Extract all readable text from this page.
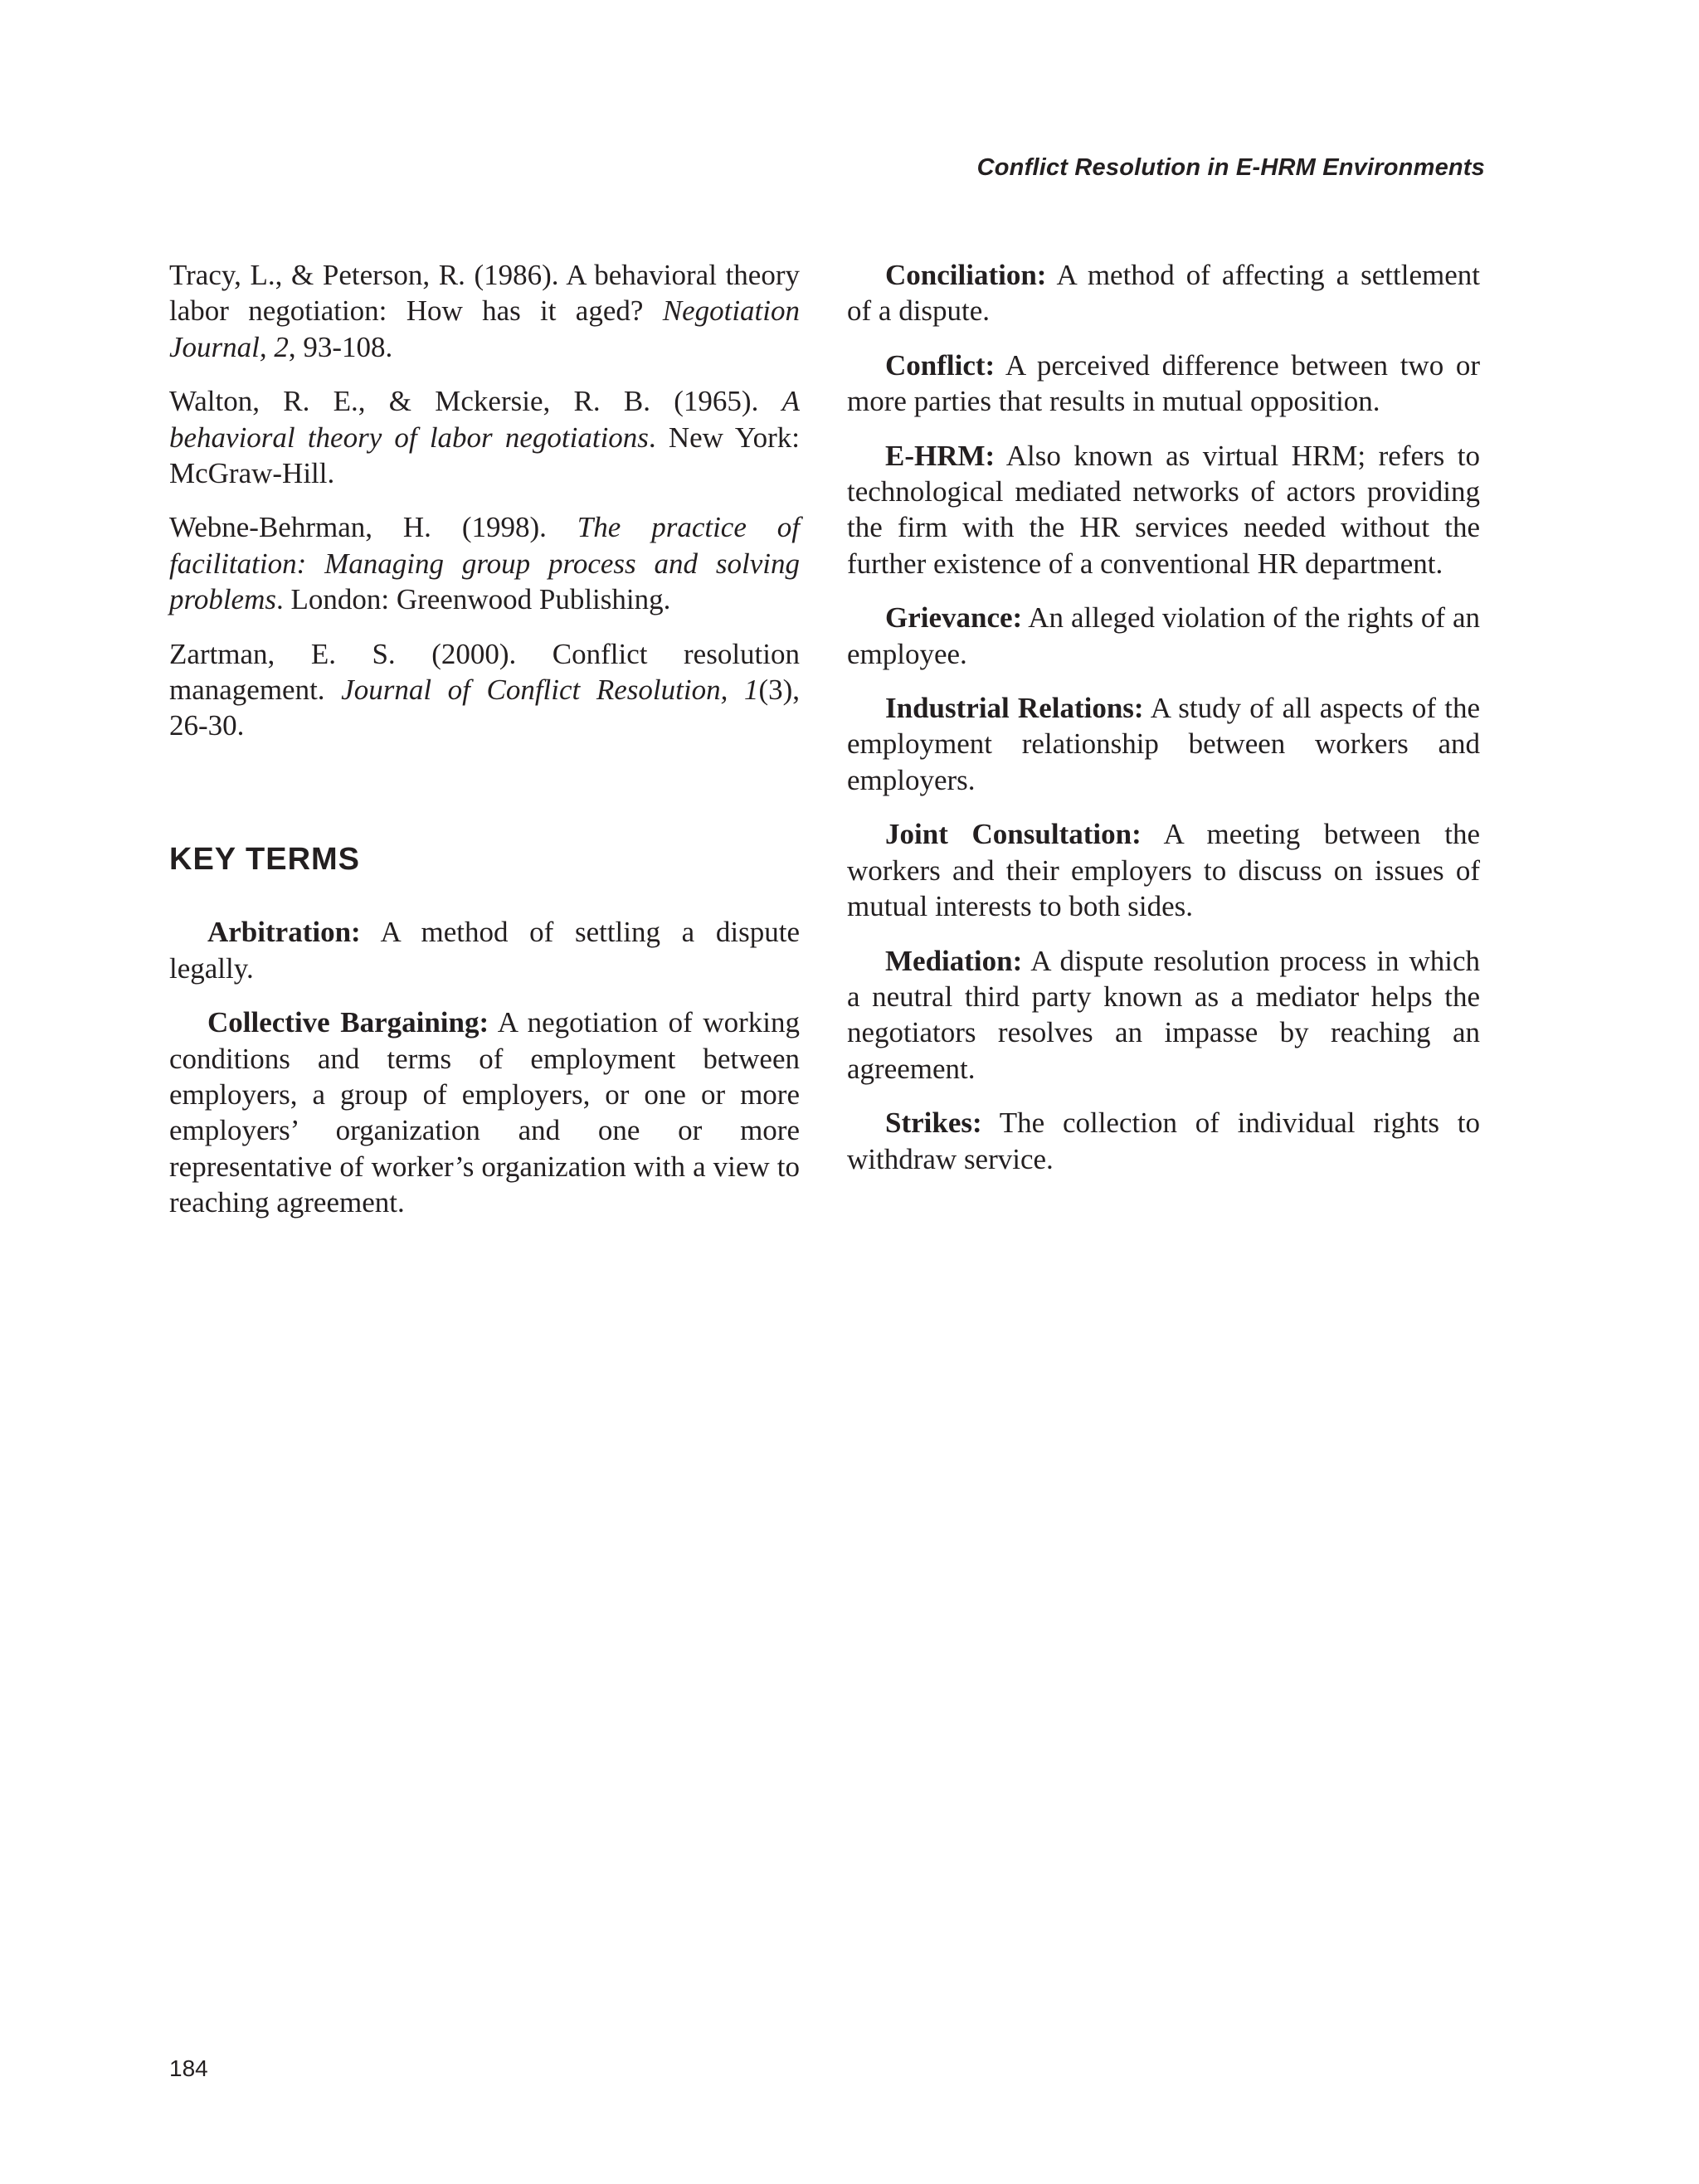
Conflict Resolution in E-HRM Environments

Tracy, L., & Peterson, R. (1986). A behavioral theory labor negotiation: How has it aged? Negotiation Journal, 2, 93-108.

Walton, R. E., & Mckersie, R. B. (1965). A behavioral theory of labor negotiations. New York: McGraw-Hill.

Webne-Behrman, H. (1998). The practice of facilitation: Managing group process and solving problems. London: Greenwood Publishing.

Zartman, E. S. (2000). Conflict resolution management. Journal of Conflict Resolution, 1(3), 26-30.

KEY TERMS

Arbitration: A method of settling a dispute legally.

Collective Bargaining: A negotiation of working conditions and terms of employment between employers, a group of employers, or one or more employers’ organization and one or more representative of worker’s organization with a view to reaching agreement.

Conciliation: A method of affecting a settlement of a dispute.

Conflict: A perceived difference between two or more parties that results in mutual opposition.

E-HRM: Also known as virtual HRM; refers to technological mediated networks of actors providing the firm with the HR services needed without the further existence of a conventional HR department.

Grievance: An alleged violation of the rights of an employee.

Industrial Relations: A study of all aspects of the employment relationship between workers and employers.

Joint Consultation: A meeting between the workers and their employers to discuss on issues of mutual interests to both sides.

Mediation: A dispute resolution process in which a neutral third party known as a mediator helps the negotiators resolves an impasse by reaching an agreement.

Strikes: The collection of individual rights to withdraw service.

184
